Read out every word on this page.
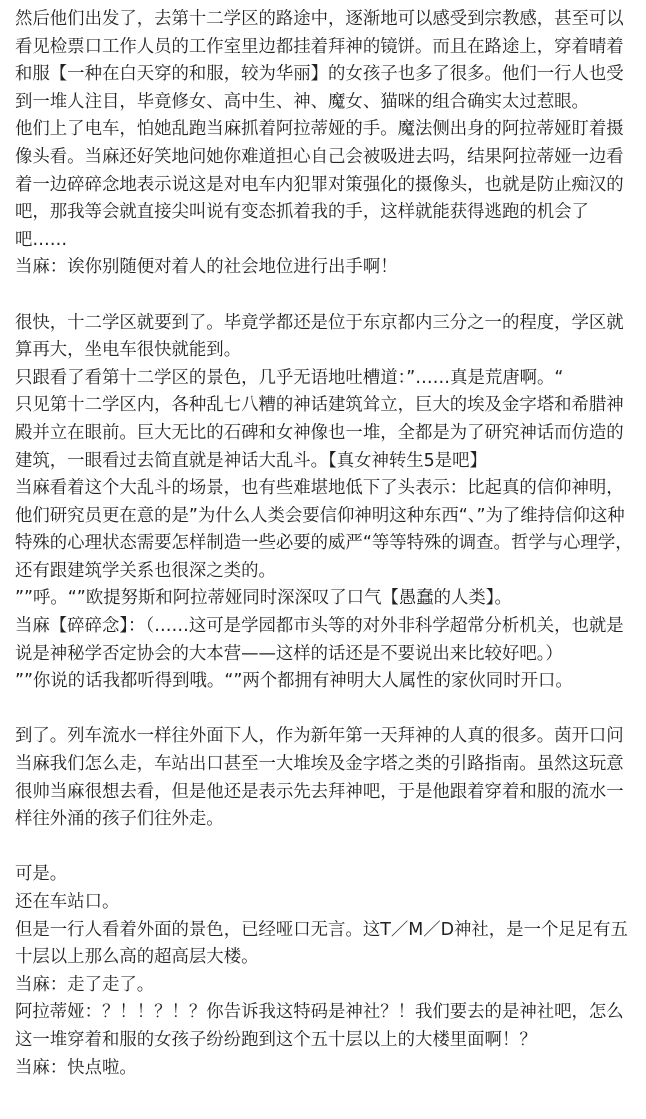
然后他们出发了，去第十二学区的路途中，逐渐地可以感受到宗教感，甚至可以看见检票口工作人员的工作室里边都挂着拜神的镜饼。而且在路途上，穿着晴着和服【一种在白天穿的和服，较为华丽】的女孩子也多了很多。他们一行人也受到一堆人注目，毕竟修女、高中生、神、魔女、猫咪的组合确实太过惹眼。

他们上了电车，怕她乱跑当麻抓着阿拉蒂娅的手。魔法侧出身的阿拉蒂娅盯着摄像头看。当麻还好笑地问她你难道担心自己会被吸进去吗，结果阿拉蒂娅一边看着一边碎碎念地表示说这是对电车内犯罪对策强化的摄像头，也就是防止痴汉的吧，那我等会就直接尖叫说有变态抓着我的手，这样就能获得逃跑的机会了吧……

当麻：诶你别随便对着人的社会地位进行出手啊！

很快，十二学区就要到了。毕竟学都还是位于东京都内三分之一的程度，学区就算再大，坐电车很快就能到。

只跟看了看第十二学区的景色，几乎无语地吐槽道：”……真是荒唐啊。“

只见第十二学区内，各种乱七八糟的神话建筑耸立，巨大的埃及金字塔和希腊神殿并立在眼前。巨大无比的石碑和女神像也一堆，全都是为了研究神话而仿造的建筑，一眼看过去简直就是神话大乱斗。【真女神转生5是吧】

当麻看着这个大乱斗的场景，也有些难堪地低下了头表示：比起真的信仰神明，他们研究员更在意的是”为什么人类会要信仰神明这种东西“、”为了维持信仰这种特殊的心理状态需要怎样制造一些必要的威严“等等特殊的调查。哲学与心理学，还有跟建筑学关系也很深之类的。

””呼。“”欧提努斯和阿拉蒂娅同时深深叹了口气【愚蠢的人类】。

当麻【碎碎念】：（……这可是学园都市头等的对外非科学超常分析机关，也就是说是神秘学否定协会的大本营——这样的话还是不要说出来比较好吧。）

””你说的话我都听得到哦。“”两个都拥有神明大人属性的家伙同时开口。

到了。列车流水一样往外面下人，作为新年第一天拜神的人真的很多。茵开口问当麻我们怎么走，车站出口甚至一大堆埃及金字塔之类的引路指南。虽然这玩意很帅当麻很想去看，但是他还是表示先去拜神吧，于是他跟着穿着和服的流水一样往外涌的孩子们往外走。

可是。

还在车站口。

但是一行人看着外面的景色，已经哑口无言。这T／M／D神社，是一个足足有五十层以上那么高的超高层大楼。

当麻：走了走了。

阿拉蒂娅：？！！？！？你告诉我这特码是神社？！我们要去的是神社吧，怎么这一堆穿着和服的女孩子纷纷跑到这个五十层以上的大楼里面啊！？

当麻：快点啦。
